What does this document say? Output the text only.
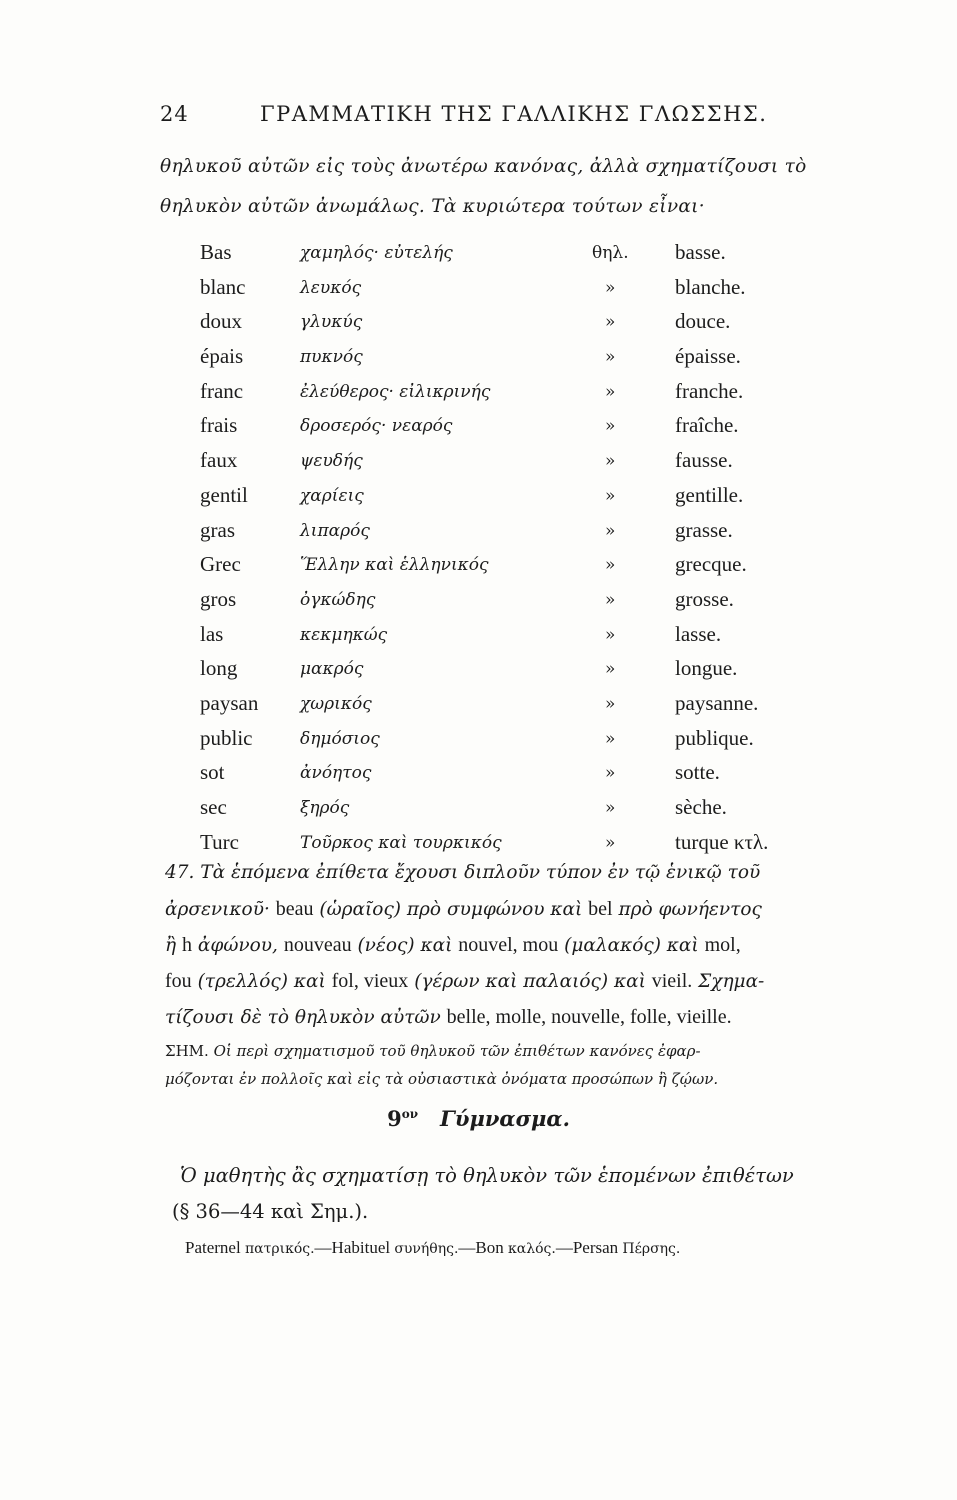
24	ΓΡΑΜΜΑΤΙΚΗ ΤΗΣ ΓΑΛΛΙΚΗΣ ΓΛΩΣΣΗΣ.
θηλυκοῦ αὐτῶν εἰς τοὺς ἀνωτέρω κανόνας, ἀλλὰ σχηματίζουσι τὸ
θηλυκὸν αὐτῶν ἀνωμάλως. Τὰ κυριώτερα τούτων εἶναι·
Bas	χαμηλός· εὐτελής	θηλ. basse.
blanc	λευκός	»	blanche.
doux	γλυκύς	»	douce.
épais	πυκνός	»	épaisse.
franc	ἐλεύθερος· εἰλικρινής	»	franche.
frais	δροσερός· νεαρός	»	fraîche.
faux	ψευδής	»	fausse.
gentil	χαρίεις	»	gentille.
gras	λιπαρός	»	grasse.
Grec	Ἕλλην καὶ ἑλληνικός	»	grecque.
gros	ὀγκώδης	»	grosse.
las	κεκμηκώς	»	lasse.
long	μακρός	»	longue.
paysan χωρικός	»	paysanne.
public	δημόσιος	»	publique.
sot	ἀνόητος	»	sotte.
sec	ξηρός	»	sèche.
Turc	Τοῦρκος καὶ τουρκικός	»	turque κτλ.
47. Τὰ ἑπόμενα ἐπίθετα ἔχουσι διπλοῦν τύπον ἐν τῷ ἑνικῷ τοῦ
ἀρσενικοῦ· beau (ὡραῖος) πρὸ συμφώνου καὶ bel πρὸ φωνήεντος
ἢ h ἀφώνου, nouveau (νέος) καὶ nouvel, mou (μαλακός) καὶ mol,
fou (τρελλός) καὶ fol, vieux (γέρων καὶ παλαιός) καὶ vieil. Σχημα-
τίζουσι δὲ τὸ θηλυκὸν αὐτῶν belle, molle, nouvelle, folle, vieille.
ΣΗΜ. Οἱ περὶ σχηματισμοῦ τοῦ θηλυκοῦ τῶν ἐπιθέτων κανόνες ἐφαρ-
μόζονται ἐν πολλοῖς καὶ εἰς τὰ οὐσιαστικὰ ὀνόματα προσώπων ἢ ζῴων.
$9^{o\nu}$ Γύμνασμα.
Ὁ μαθητὴς ἂς σχηματίσῃ τὸ θηλυκὸν τῶν ἑπομένων ἐπιθέτων
(§ 36—44 καὶ Σημ.).
Paternel πατρικός.—Habituel συνήθης.—Bon καλός.—Persan Πέρσης.
